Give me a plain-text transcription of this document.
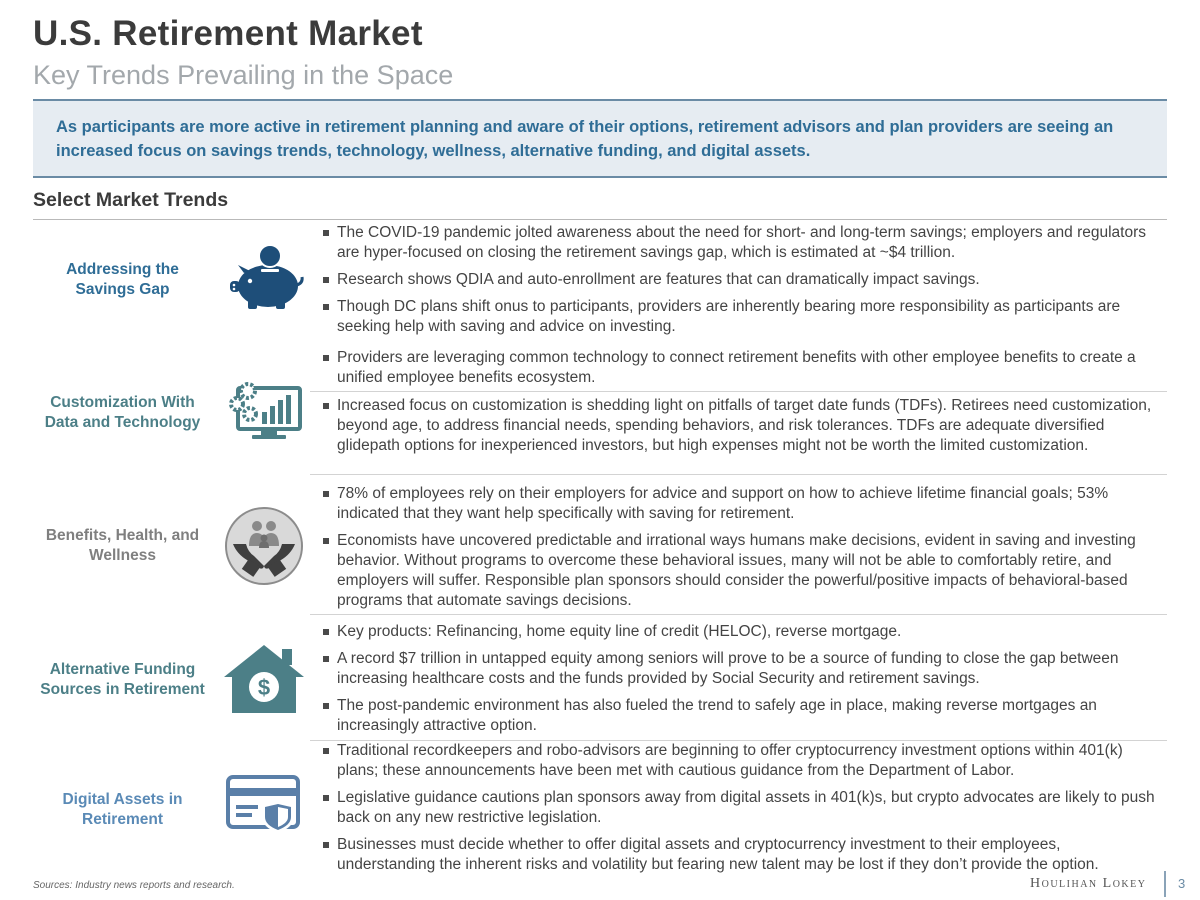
U.S. Retirement Market
Key Trends Prevailing in the Space
As participants are more active in retirement planning and aware of their options, retirement advisors and plan providers are seeing an increased focus on savings trends, technology, wellness, alternative funding, and digital assets.
Select Market Trends
Addressing the Savings Gap
The COVID-19 pandemic jolted awareness about the need for short- and long-term savings; employers and regulators are hyper-focused on closing the retirement savings gap, which is estimated at ~$4 trillion.
Research shows QDIA and auto-enrollment are features that can dramatically impact savings.
Though DC plans shift onus to participants, providers are inherently bearing more responsibility as participants are seeking help with saving and advice on investing.
Customization With Data and Technology
Providers are leveraging common technology to connect retirement benefits with other employee benefits to create a unified employee benefits ecosystem.
Increased focus on customization is shedding light on pitfalls of target date funds (TDFs). Retirees need customization, beyond age, to address financial needs, spending behaviors, and risk tolerances. TDFs are adequate diversified glidepath options for inexperienced investors, but high expenses might not be worth the limited customization.
Benefits, Health, and Wellness
78% of employees rely on their employers for advice and support on how to achieve lifetime financial goals; 53% indicated that they want help specifically with saving for retirement.
Economists have uncovered predictable and irrational ways humans make decisions, evident in saving and investing behavior. Without programs to overcome these behavioral issues, many will not be able to comfortably retire, and employers will suffer. Responsible plan sponsors should consider the powerful/positive impacts of behavioral-based programs that automate savings decisions.
Alternative Funding Sources in Retirement $
Key products: Refinancing, home equity line of credit (HELOC), reverse mortgage.
A record $7 trillion in untapped equity among seniors will prove to be a source of funding to close the gap between increasing healthcare costs and the funds provided by Social Security and retirement savings.
The post-pandemic environment has also fueled the trend to safely age in place, making reverse mortgages an increasingly attractive option.
Digital Assets in Retirement
Traditional recordkeepers and robo-advisors are beginning to offer cryptocurrency investment options within 401(k) plans; these announcements have been met with cautious guidance from the Department of Labor.
Legislative guidance cautions plan sponsors away from digital assets in 401(k)s, but crypto advocates are likely to push back on any new restrictive legislation.
Businesses must decide whether to offer digital assets and cryptocurrency investment to their employees, understanding the inherent risks and volatility but fearing new talent may be lost if they don’t provide the option.
Sources: Industry news reports and research.	Houlihan Lokey 3
